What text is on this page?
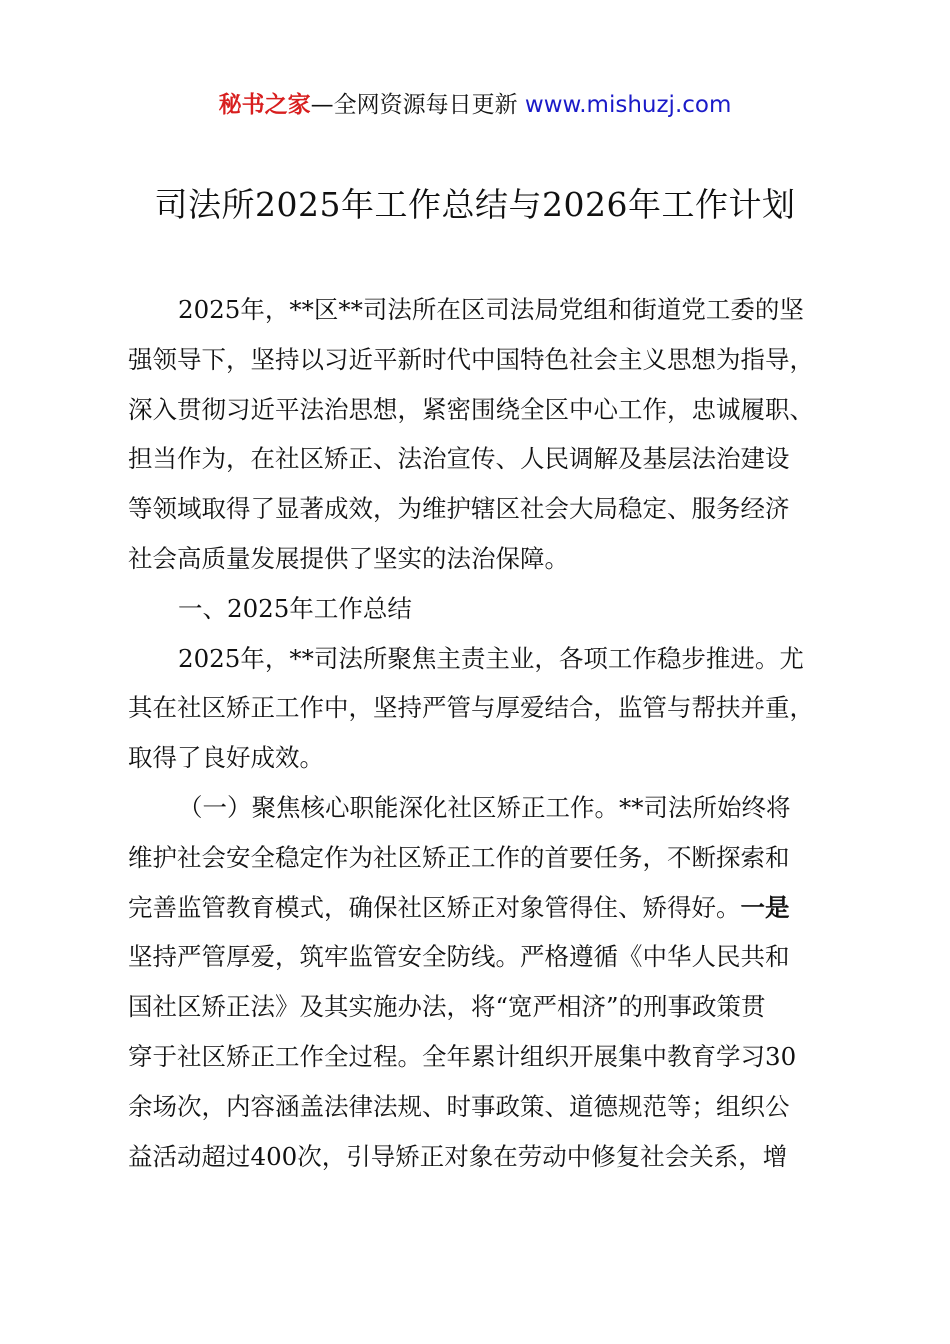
秘书之家—全网资源每日更新 www.mishuzj.com
司法所2025年工作总结与2026年工作计划
2025年，**区**司法所在区司法局党组和街道党工委的坚
强领导下，坚持以习近平新时代中国特色社会主义思想为指导，
深入贯彻习近平法治思想，紧密围绕全区中心工作，忠诚履职、
担当作为，在社区矫正、法治宣传、人民调解及基层法治建设
等领域取得了显著成效，为维护辖区社会大局稳定、服务经济
社会高质量发展提供了坚实的法治保障。
一、2025年工作总结
2025年，**司法所聚焦主责主业，各项工作稳步推进。尤
其在社区矫正工作中，坚持严管与厚爱结合，监管与帮扶并重，
取得了良好成效。
（一）聚焦核心职能深化社区矫正工作。**司法所始终将
维护社会安全稳定作为社区矫正工作的首要任务，不断探索和
完善监管教育模式，确保社区矫正对象管得住、矫得好。一是
坚持严管厚爱，筑牢监管安全防线。严格遵循《中华人民共和
国社区矫正法》及其实施办法，将“宽严相济”的刑事政策贯
穿于社区矫正工作全过程。全年累计组织开展集中教育学习30
余场次，内容涵盖法律法规、时事政策、道德规范等；组织公
益活动超过400次，引导矫正对象在劳动中修复社会关系，增
